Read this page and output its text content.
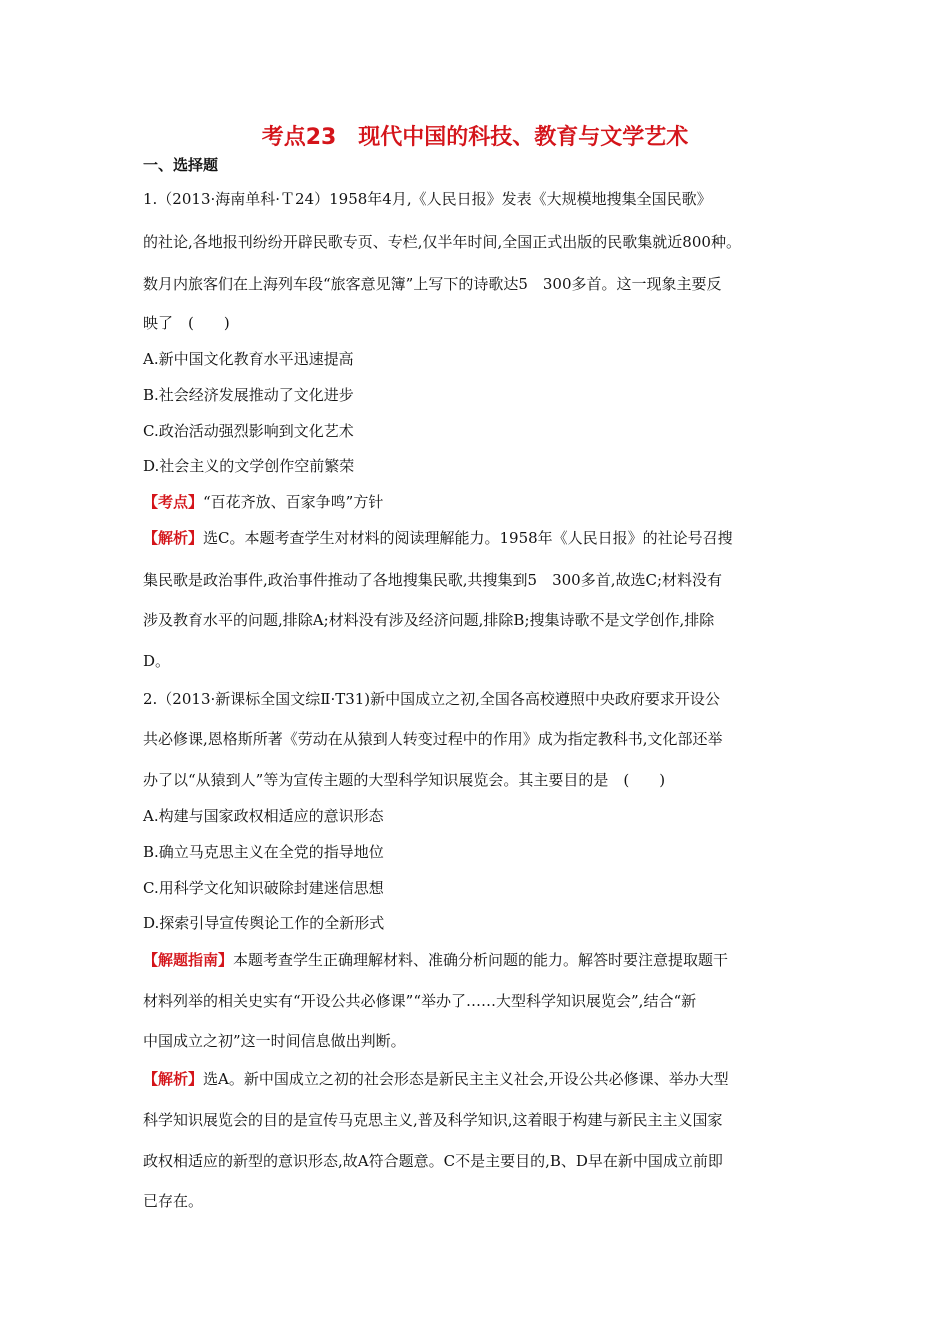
考点23　现代中国的科技、教育与文学艺术
一、选择题
1.（2013·海南单科·Ｔ24）1958年4月,《人民日报》发表《大规模地搜集全国民歌》
的社论,各地报刊纷纷开辟民歌专页、专栏,仅半年时间,全国正式出版的民歌集就近800种。
数月内旅客们在上海列车段“旅客意见簿”上写下的诗歌达5　300多首。这一现象主要反
映了　(　　)
A.新中国文化教育水平迅速提高
B.社会经济发展推动了文化进步
C.政治活动强烈影响到文化艺术
D.社会主义的文学创作空前繁荣
【考点】“百花齐放、百家争鸣”方针
【解析】选C。本题考查学生对材料的阅读理解能力。1958年《人民日报》的社论号召搜
集民歌是政治事件,政治事件推动了各地搜集民歌,共搜集到5　300多首,故选C;材料没有
涉及教育水平的问题,排除A;材料没有涉及经济问题,排除B;搜集诗歌不是文学创作,排除
D。
2.（2013·新课标全国文综Ⅱ·T31)新中国成立之初,全国各高校遵照中央政府要求开设公
共必修课,恩格斯所著《劳动在从猿到人转变过程中的作用》成为指定教科书,文化部还举
办了以“从猿到人”等为宣传主题的大型科学知识展览会。其主要目的是　(　　)
A.构建与国家政权相适应的意识形态
B.确立马克思主义在全党的指导地位
C.用科学文化知识破除封建迷信思想
D.探索引导宣传舆论工作的全新形式
【解题指南】本题考查学生正确理解材料、准确分析问题的能力。解答时要注意提取题干
材料列举的相关史实有“开设公共必修课”“举办了……大型科学知识展览会”,结合“新
中国成立之初”这一时间信息做出判断。
【解析】选A。新中国成立之初的社会形态是新民主主义社会,开设公共必修课、举办大型
科学知识展览会的目的是宣传马克思主义,普及科学知识,这着眼于构建与新民主主义国家
政权相适应的新型的意识形态,故A符合题意。C不是主要目的,B、D早在新中国成立前即
已存在。
